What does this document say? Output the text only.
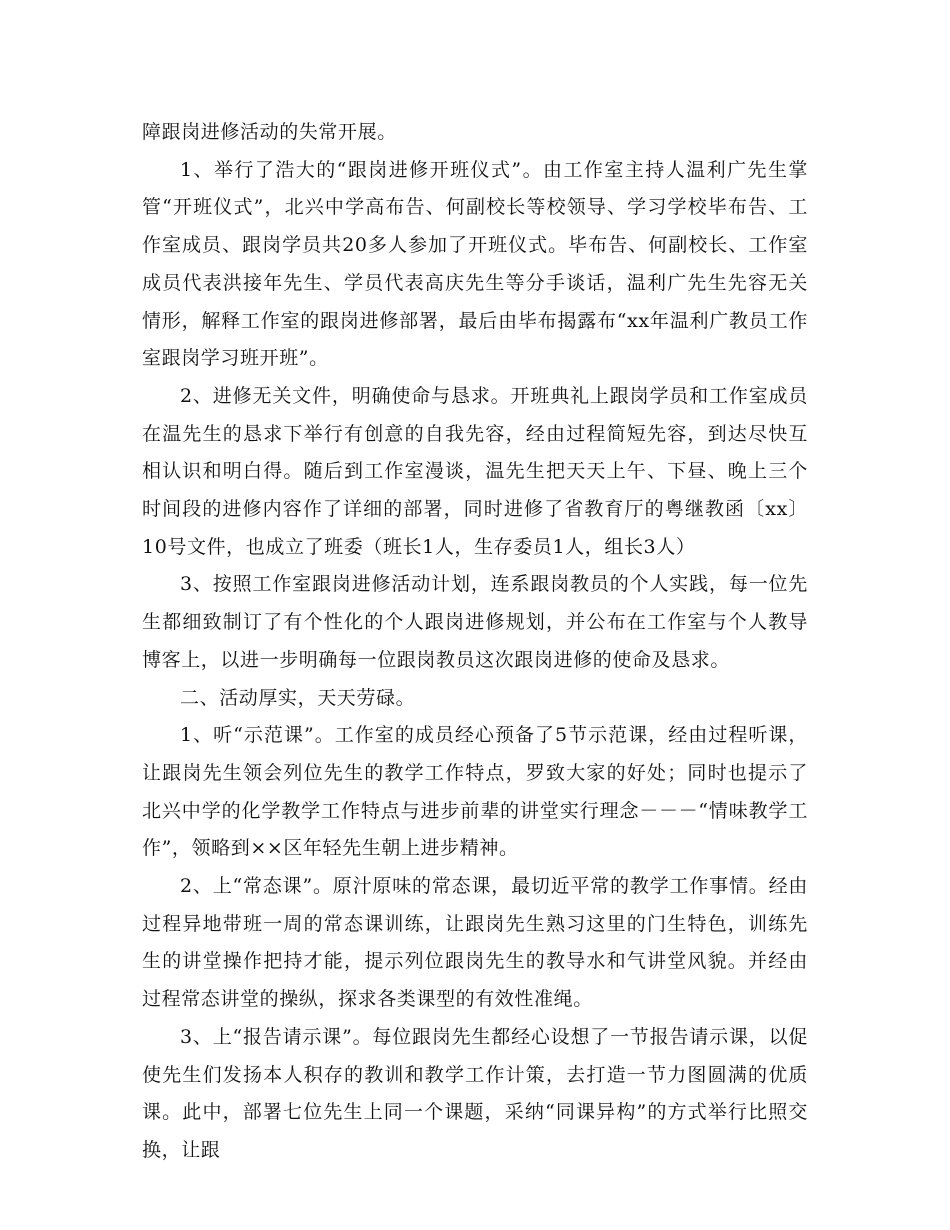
障跟岗进修活动的失常开展。

1、举行了浩大的“跟岗进修开班仪式”。由工作室主持人温利广先生掌管“开班仪式”，北兴中学高布告、何副校长等校领导、学习学校毕布告、工作室成员、跟岗学员共20多人参加了开班仪式。毕布告、何副校长、工作室成员代表洪接年先生、学员代表高庆先生等分手谈话，温利广先生先容无关情形，解释工作室的跟岗进修部署，最后由毕布揭露布“xx年温利广教员工作室跟岗学习班开班”。

2、进修无关文件，明确使命与恳求。开班典礼上跟岗学员和工作室成员在温先生的恳求下举行有创意的自我先容，经由过程简短先容，到达尽快互相认识和明白得。随后到工作室漫谈，温先生把天天上午、下昼、晚上三个时间段的进修内容作了详细的部署，同时进修了省教育厅的粤继教函〔xx〕10号文件，也成立了班委（班长1人，生存委员1人，组长3人）

3、按照工作室跟岗进修活动计划，连系跟岗教员的个人实践，每一位先生都细致制订了有个性化的个人跟岗进修规划，并公布在工作室与个人教导博客上，以进一步明确每一位跟岗教员这次跟岗进修的使命及恳求。

二、活动厚实，天天劳碌。

1、听“示范课”。工作室的成员经心预备了5节示范课，经由过程听课，让跟岗先生领会列位先生的教学工作特点，罗致大家的好处；同时也提示了北兴中学的化学教学工作特点与进步前辈的讲堂实行理念－－－“情味教学工作”，领略到××区年轻先生朝上进步精神。

2、上“常态课”。原汁原味的常态课，最切近平常的教学工作事情。经由过程异地带班一周的常态课训练，让跟岗先生熟习这里的门生特色，训练先生的讲堂操作把持才能，提示列位跟岗先生的教导水和气讲堂风貌。并经由过程常态讲堂的操纵，探求各类课型的有效性准绳。

3、上“报告请示课”。每位跟岗先生都经心设想了一节报告请示课，以促使先生们发扬本人积存的教训和教学工作计策，去打造一节力图圆满的优质课。此中，部署七位先生上同一个课题，采纳“同课异构”的方式举行比照交换，让跟
